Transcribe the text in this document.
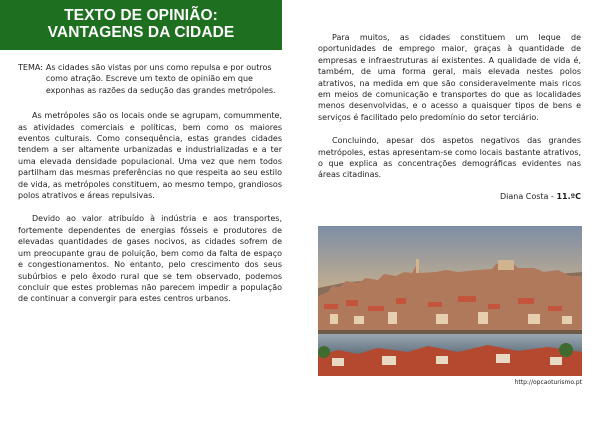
TEXTO DE OPINIÃO:
VANTAGENS DA CIDADE
TEMA: As cidades são vistas por uns como repulsa e por outros como atração. Escreve um texto de opinião em que exponhas as razões da sedução das grandes metrópoles.

As metrópoles são os locais onde se agrupam, comummente, as atividades comerciais e políticas, bem como os maiores eventos culturais. Como consequência, estas grandes cidades tendem a ser altamente urbanizadas e industrializadas e a ter uma elevada densidade populacional. Uma vez que nem todos partilham das mesmas preferências no que respeita ao seu estilo de vida, as metrópoles constituem, ao mesmo tempo, grandiosos polos atrativos e áreas repulsivas.

Devido ao valor atribuído à indústria e aos transportes, fortemente dependentes de energias fósseis e produtores de elevadas quantidades de gases nocivos, as cidades sofrem de um preocupante grau de poluição, bem como da falta de espaço e congestionamentos. No entanto, pelo crescimento dos seus subúrbios e pelo êxodo rural que se tem observado, podemos concluir que estes problemas não parecem impedir a população de continuar a convergir para estes centros urbanos.

Para muitos, as cidades constituem um leque de oportunidades de emprego maior, graças à quantidade de empresas e infraestruturas aí existentes. A qualidade de vida é, também, de uma forma geral, mais elevada nestes polos atrativos, na medida em que são consideravelmente mais ricos em meios de comunicação e transportes do que as localidades menos desenvolvidas, e o acesso a quaisquer tipos de bens e serviços é facilitado pelo predomínio do setor terciário.

Concluindo, apesar dos aspetos negativos das grandes metrópoles, estas apresentam-se como locais bastante atrativos, o que explica as concentrações demográficas evidentes nas áreas citadinas.

Diana Costa - 11.ºC
http://opcaoturismo.pt
